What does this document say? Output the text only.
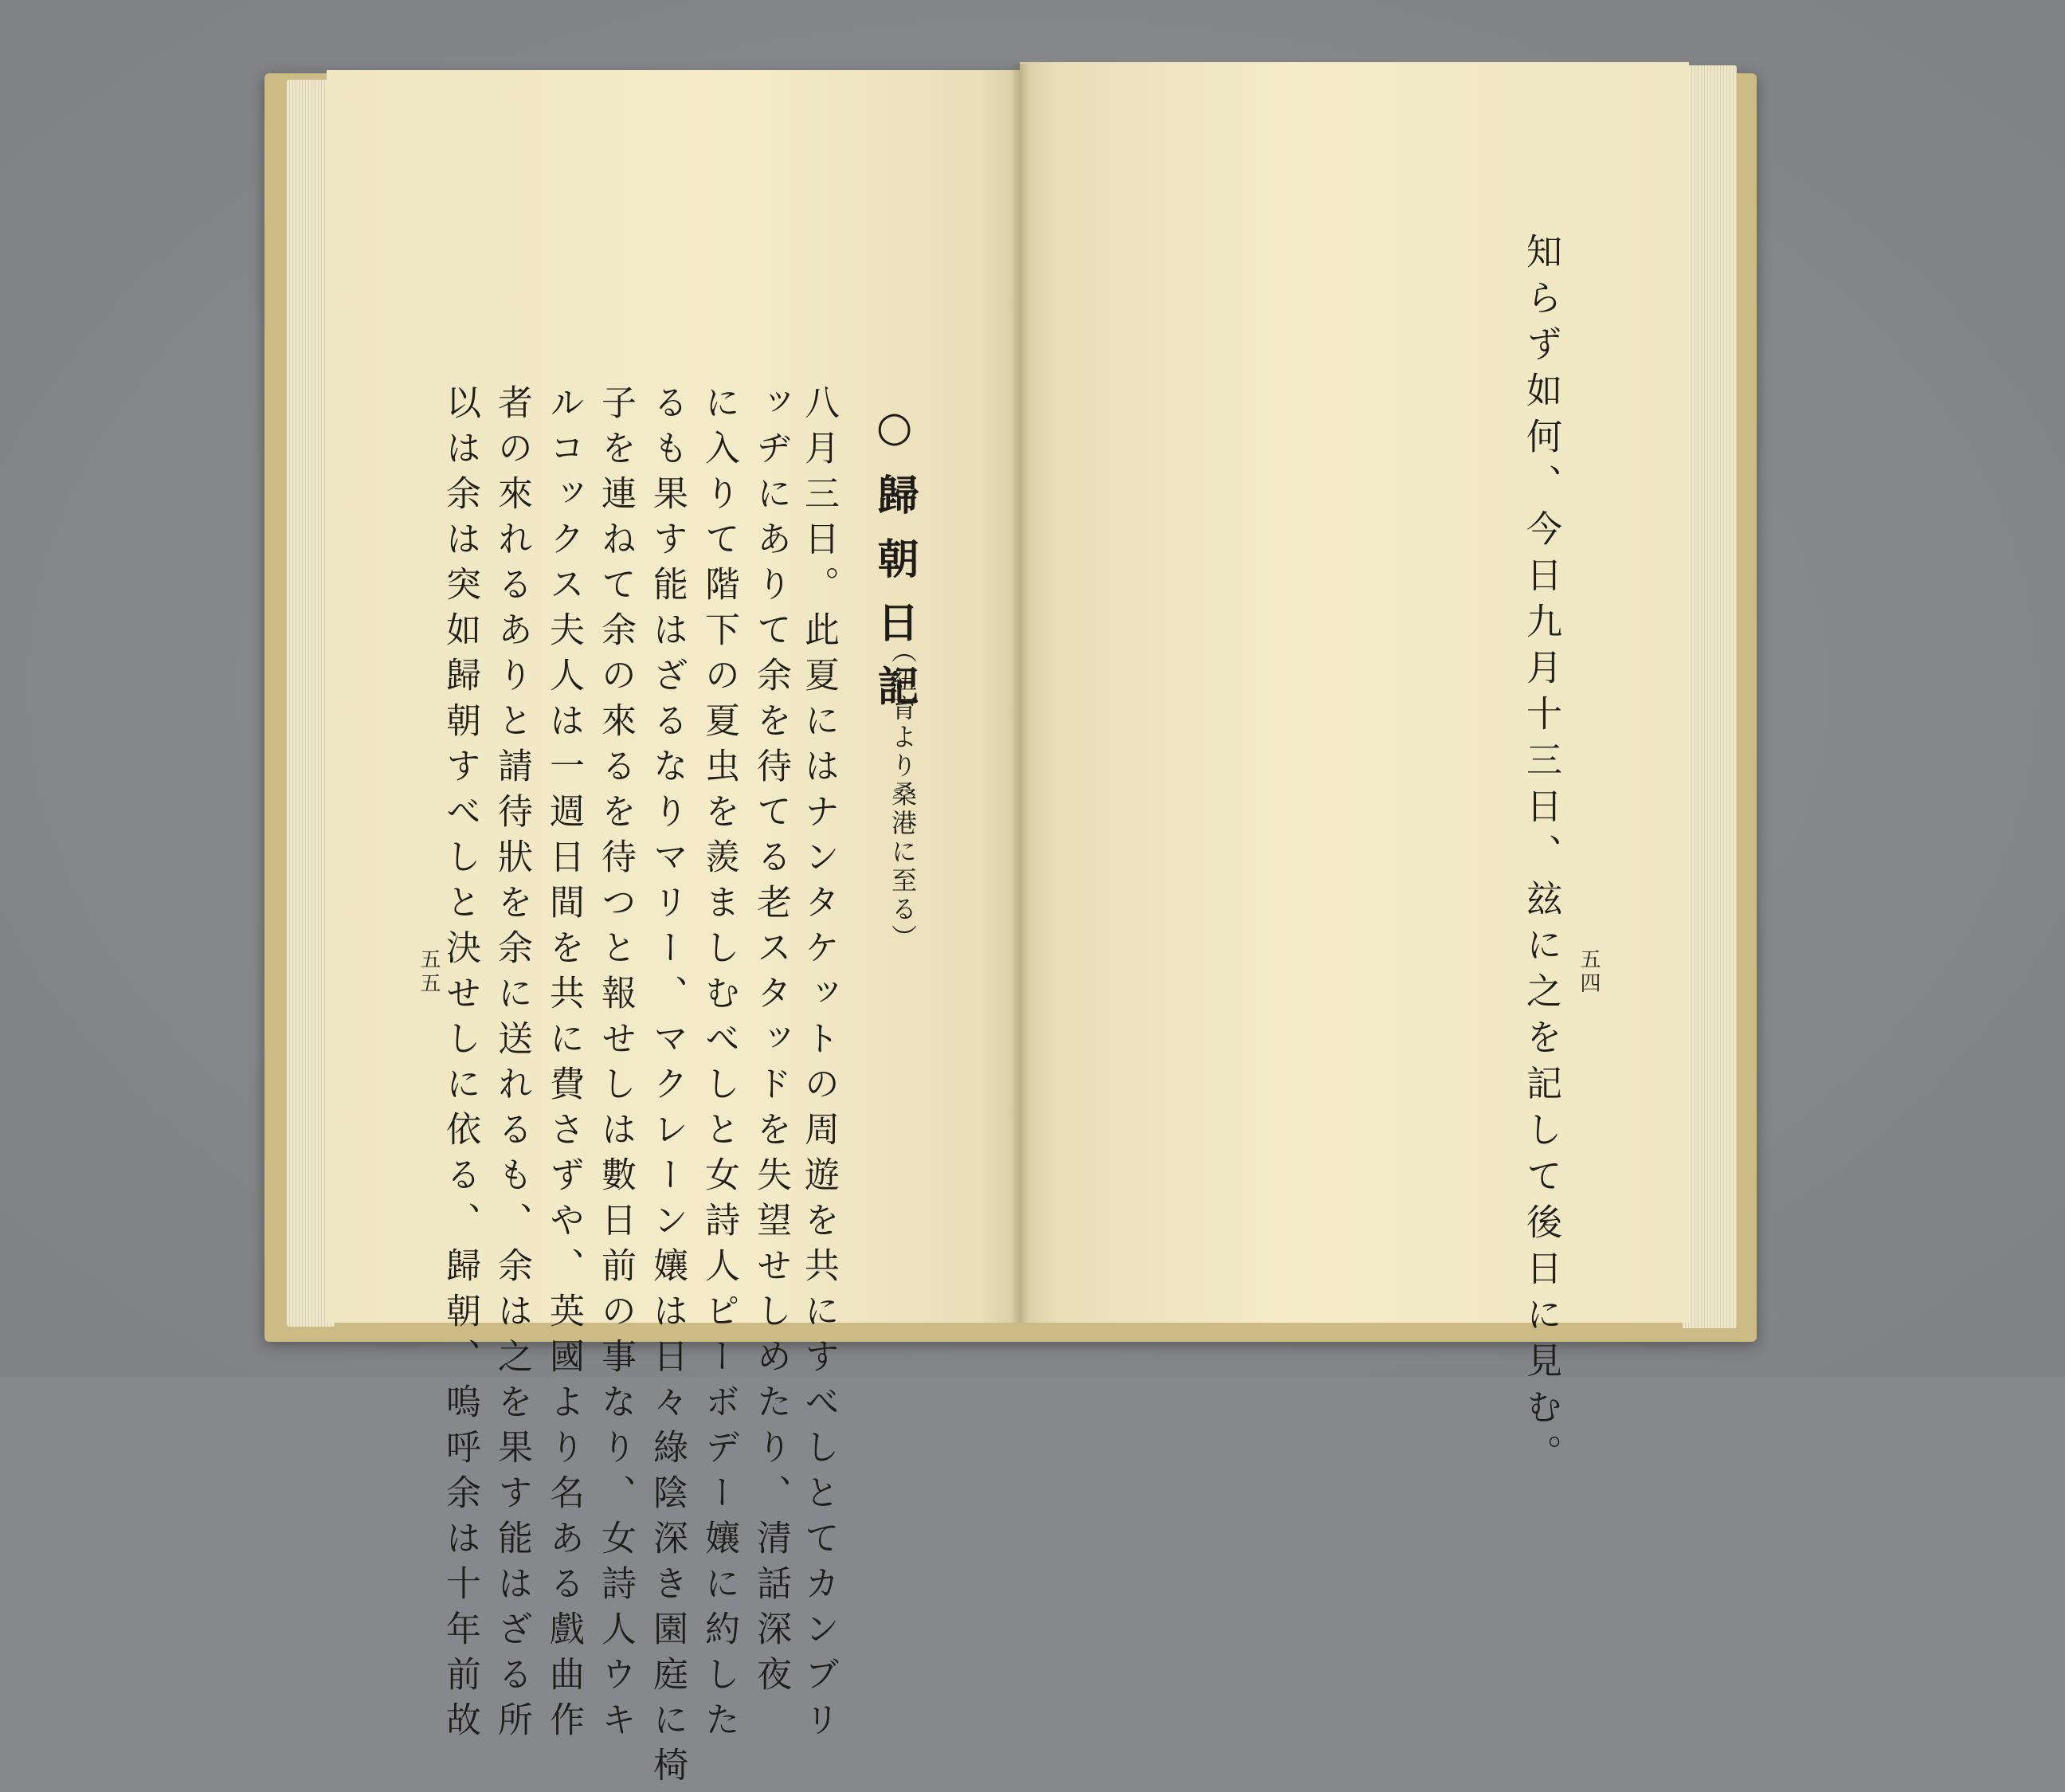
○歸朝日記
（紐育より桑港に至る）
八月三日。此夏にはナンタケットの周遊を共にすべしとてカンブリ
ッヂにありて余を待てる老スタッドを失望せしめたり、清話深夜
に入りて階下の夏虫を羨ましむべしと女詩人ピーボデー孃に約した
るも果す能はざるなりマリー、マクレーン孃は日々綠陰深き園庭に椅
子を連ねて余の來るを待つと報せしは數日前の事なり、女詩人ウキ
ルコックス夫人は一週日間を共に費さずや、英國より名ある戲曲作
者の來れるありと請待狀を余に送れるも、余は之を果す能はざる所
以は余は突如歸朝すべしと決せしに依る、歸朝、嗚呼余は十年前故
五五	知らず如何、今日九月十三日、玆に之を記して後日に見む。 五四
